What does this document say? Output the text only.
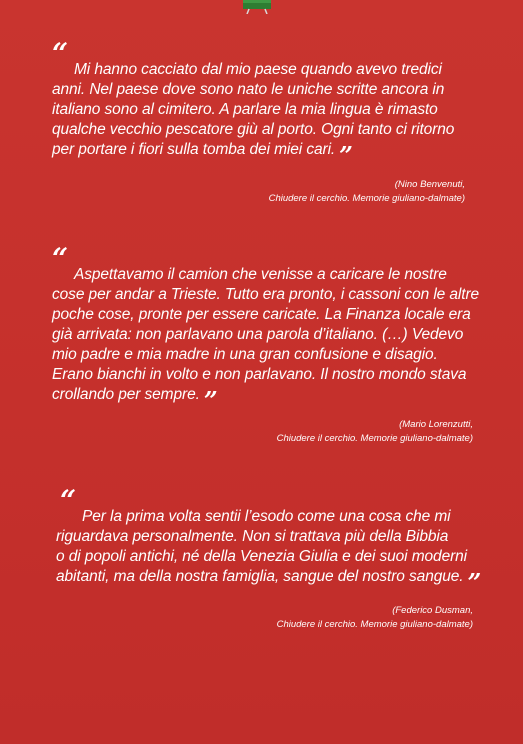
“ Mi hanno cacciato dal mio paese quando avevo tredici
anni. Nel paese dove sono nato le uniche scritte ancora in
italiano sono al cimitero. A parlare la mia lingua è rimasto
qualche vecchio pescatore giù al porto. Ogni tanto ci ritorno
per portare i fiori sulla tomba dei miei cari. ”
(Nino Benvenuti,
Chiudere il cerchio. Memorie giuliano-dalmate)
“ Aspettavamo il camion che venisse a caricare le nostre
cose per andar a Trieste. Tutto era pronto, i cassoni con le altre
poche cose, pronte per essere caricate. La Finanza locale era
già arrivata: non parlavano una parola d’italiano. (…) Vedevo
mio padre e mia madre in una gran confusione e disagio.
Erano bianchi in volto e non parlavano. Il nostro mondo stava
crollando per sempre. ”
(Mario Lorenzutti,
Chiudere il cerchio. Memorie giuliano-dalmate)
“ Per la prima volta sentii l’esodo come una cosa che mi
riguardava personalmente. Non si trattava più della Bibbia
o di popoli antichi, né della Venezia Giulia e dei suoi moderni
abitanti, ma della nostra famiglia, sangue del nostro sangue. ”
(Federico Dusman,
Chiudere il cerchio. Memorie giuliano-dalmate)
